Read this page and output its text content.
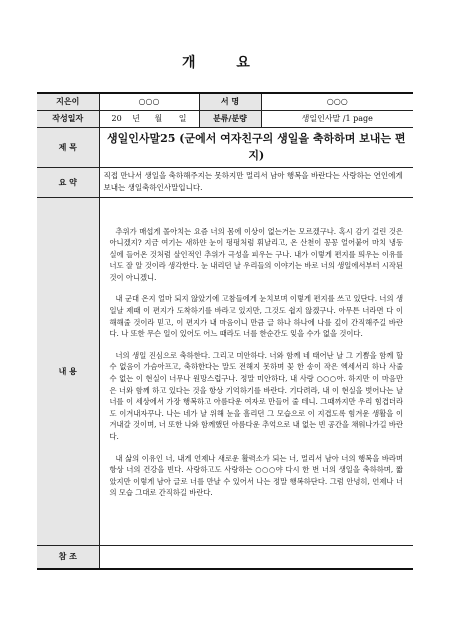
개 요
지은이	○○○	서 명	○○○
작성일자	20 년 월 일	분류/분량	생일인사말 /1 page
제 목	생일인사말25 (군에서 여자친구의 생일을 축하하며 보내는 편지)		
요 약	직접 만나서 생일을 축하해주지는 못하지만 멀리서 남아 행복을 바란다는 사랑하는 연인에게 보내는 생일축하인사말입니다.		
내 용	추위가 매섭게 몰아치는 요즘 너의 몸에 이상이 없는거는 모르겠구나. 혹시 감기 걸린 것은 아니겠지? 지금 여기는 새하얀 눈이 펑펑처럼 휘날리고, 온 산천이 꽁꽁 얼어붙어 마치 냉동실에 들어온 것처럼 살인적인 추위가 극성을 피우는 구나. 내가 이렇게 편지를 띄우는 이유를 너도 잘 알 것이라 생각한다. 눈 내리던 날 우리들의 이야기는 바로 너의 생일에서부터 시작된 것이 아니겠니.

내 군대 온지 얼마 되지 않았기에 고참들에게 눈치보며 이렇게 편지를 쓰고 있단다. 너의 생일날 제때 이 편지가 도착하기를 바라고 있지만, 그것도 쉽지 않겠구나. 아무튼 너라면 다 이해해줄 것이라 믿고, 이 편지가 내 마음이니 만큼 글 하나 하나에 나를 깊이 간직해주길 바란다. 나 또한 무슨 일이 있어도 어느 때라도 너를 한순간도 잊을 수가 없을 것이다.

너의 생일 진심으로 축하한다. 그리고 미안하다. 너와 함께 네 태어난 날 그 기쁨을 함께 할 수 없음이 가슴아프고, 축하한다는 말도 전해지 못하며 꽃 한 송이 작은 엑세서리 하나 사줄 수 없는 이 현실이 너무나 원망스럽구나. 정말 미안하다, 내 사랑 ○○○아. 하지만 이 마음만은 너와 함께 하고 있다는 것을 항상 기억하기를 바란다. 기다려라, 내 이 현실을 벗어나는 날 너를 이 세상에서 가장 행복하고 아름다운 여자로 만들어 줄 테니. 그때까지만 우리 힘겹더라도 이겨내자꾸나. 나는 네가 날 위해 눈을 흘리던 그 모습으로 이 지겹도록 힘겨운 생활을 이겨내갈 것이며, 너 또한 나와 함께했던 아름다운 추억으로 내 없는 빈 공간을 채워나가길 바란다.

내 삶의 이유인 너, 내게 언제나 새로운 활력소가 되는 너, 멀리서 남아 너의 행복을 바라며 항상 너의 건강을 빈다. 사랑하고도 사랑하는 ○○○야 다시 한 번 너의 생일을 축하하며, 짧았지만 이렇게 남아 글로 너를 만날 수 있어서 나는 정말 행복하단다. 그럼 안녕히, 언제나 너의 모습 그대로 간직하길 바란다.		

참 조			
